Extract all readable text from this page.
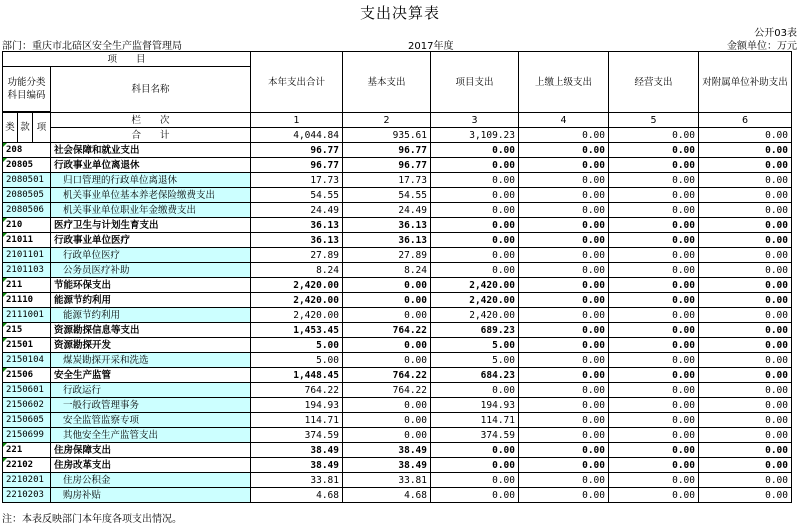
支出决算表
公开03表
部门：重庆市北碚区安全生产监督管理局	2017年度	金额单位：万元
项　　目				本年支出合计	基本支出	项目支出	上缴上级支出	经营支出	对附属单位补助支出
功能分类科目编码			科目名称						

类	款	项	栏　　次	1	2	3	4	5	6
			合　　计	4,044.84	935.61	3,109.23	0.00	0.00	0.00
208			社会保障和就业支出	96.77	96.77	0.00	0.00	0.00	0.00
20805			行政事业单位离退休	96.77	96.77	0.00	0.00	0.00	0.00
2080501			归口管理的行政单位离退休	17.73	17.73	0.00	0.00	0.00	0.00
2080505			机关事业单位基本养老保险缴费支出	54.55	54.55	0.00	0.00	0.00	0.00
2080506			机关事业单位职业年金缴费支出	24.49	24.49	0.00	0.00	0.00	0.00
210			医疗卫生与计划生育支出	36.13	36.13	0.00	0.00	0.00	0.00
21011			行政事业单位医疗	36.13	36.13	0.00	0.00	0.00	0.00
2101101			行政单位医疗	27.89	27.89	0.00	0.00	0.00	0.00
2101103			公务员医疗补助	8.24	8.24	0.00	0.00	0.00	0.00
211			节能环保支出	2,420.00	0.00	2,420.00	0.00	0.00	0.00
21110			能源节约利用	2,420.00	0.00	2,420.00	0.00	0.00	0.00
2111001			能源节约利用	2,420.00	0.00	2,420.00	0.00	0.00	0.00
215			资源勘探信息等支出	1,453.45	764.22	689.23	0.00	0.00	0.00
21501			资源勘探开发	5.00	0.00	5.00	0.00	0.00	0.00
2150104			煤炭勘探开采和洗选	5.00	0.00	5.00	0.00	0.00	0.00
21506			安全生产监管	1,448.45	764.22	684.23	0.00	0.00	0.00
2150601			行政运行	764.22	764.22	0.00	0.00	0.00	0.00
2150602			一般行政管理事务	194.93	0.00	194.93	0.00	0.00	0.00
2150605			安全监管监察专项	114.71	0.00	114.71	0.00	0.00	0.00
2150699			其他安全生产监管支出	374.59	0.00	374.59	0.00	0.00	0.00
221			住房保障支出	38.49	38.49	0.00	0.00	0.00	0.00
22102			住房改革支出	38.49	38.49	0.00	0.00	0.00	0.00
2210201			住房公积金	33.81	33.81	0.00	0.00	0.00	0.00
2210203			购房补贴	4.68	4.68	0.00	0.00	0.00	0.00
注：本表反映部门本年度各项支出情况。
